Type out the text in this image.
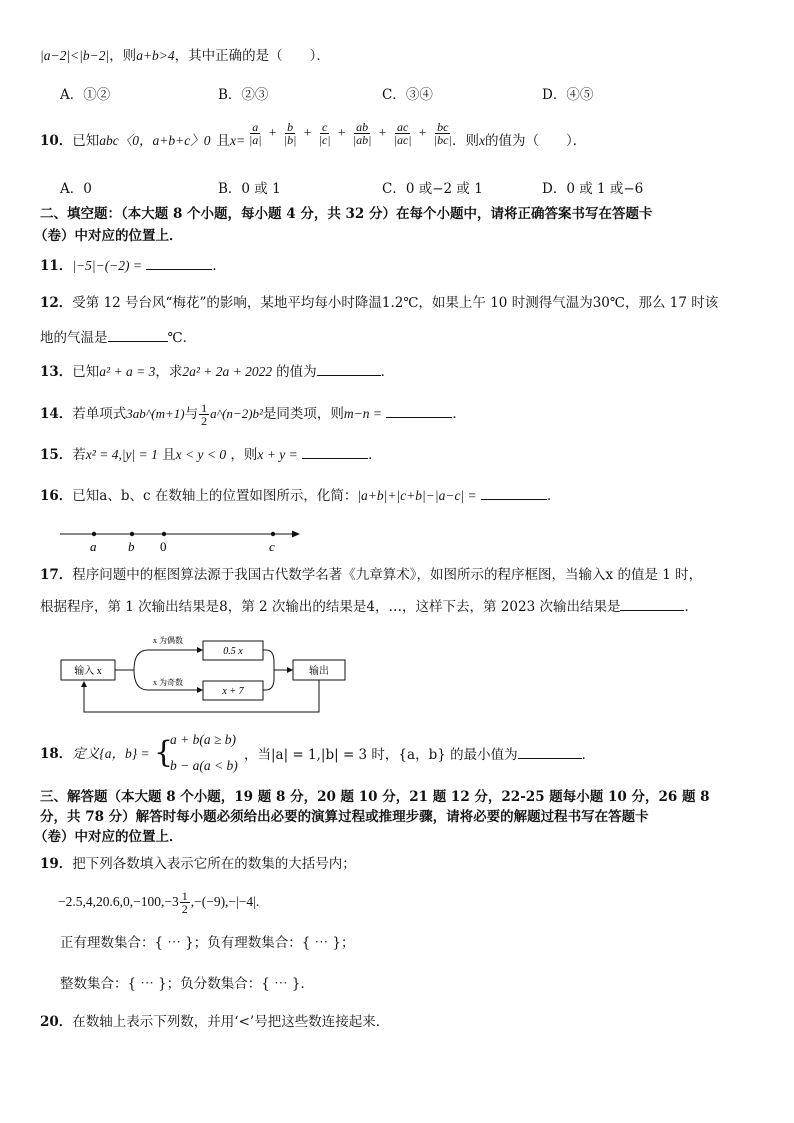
|a−2|<|b−2|，则a+b>4，其中正确的是（　　）．
A．①②	B．②③	C．③④	D．④⑤
10．已知abc〈0，a+b+c〉0 且$x= \frac{a}{|a|} + \frac{b}{|b|} + \frac{c}{|c|} + \frac{ab}{|ab|} + \frac{ac}{|ac|} + \frac{bc}{|bc|}$
．则x的值为（　　）．
A．0	B．0 或 1	C．0 或−2 或 1	D．0 或 1 或−6
二、填空题：（本大题 8 个小题，每小题 4 分，共 32 分）在每个小题中，请将正确答案书写在答题卡
（卷）中对应的位置上．
11．|−5|−(−2) =	．
12．受第 12 号台风“梅花”的影响，某地平均每小时降温1.2℃，如果上午 10 时测得气温为30℃，那么 17 时该
地的气温是	℃．
13．已知a² + a = 3，求2a² + 2a + 2022 的值为	．
14．若单项式3ab^(m+1)与 $\frac{1}{2}$ a^(n−2)b²是同类项，则m−n =	．
15．若x² = 4,|y| = 1 且x < y < 0 ，则x + y =	．
16．已知a、b、c 在数轴上的位置如图所示，化简：|a+b|+|c+b|−|a−c| =	．
a b 0	c
17．程序问题中的框图算法源于我国古代数学名著《九章算术》，如图所示的程序框图，当输入x 的值是 1 时，
根据程序，第 1 次输出结果是8，第 2 次输出的结果是4，…，这样下去，第 2023 次输出结果是	．
输入 x
x 为偶数
x 为奇数
0.5 x
x + 7
输出
18．定义{a，b} = {
a + b(a ≥ b)
b − a(a < b)
，当|a| = 1,|b| = 3 时，{a，b} 的最小值为	．
三、解答题（本大题 8 个小题，19 题 8 分，20 题 10 分，21 题 12 分，22-25 题每小题 10 分，26 题 8
分，共 78 分）解答时每小题必须给出必要的演算过程或推理步骤，请将必要的解题过程书写在答题卡
（卷）中对应的位置上．
19．把下列各数填入表示它所在的数集的大括号内；
$-2.5,4,20.6,0,-100,-3 \frac{1}{2} ,-(-9),-|-4|$.
正有理数集合：{ ⋯ }；负有理数集合：{ ⋯ }；
整数集合：{ ⋯ }；负分数集合：{ ⋯ }．
20．在数轴上表示下列数，并用‘<’号把这些数连接起来．
